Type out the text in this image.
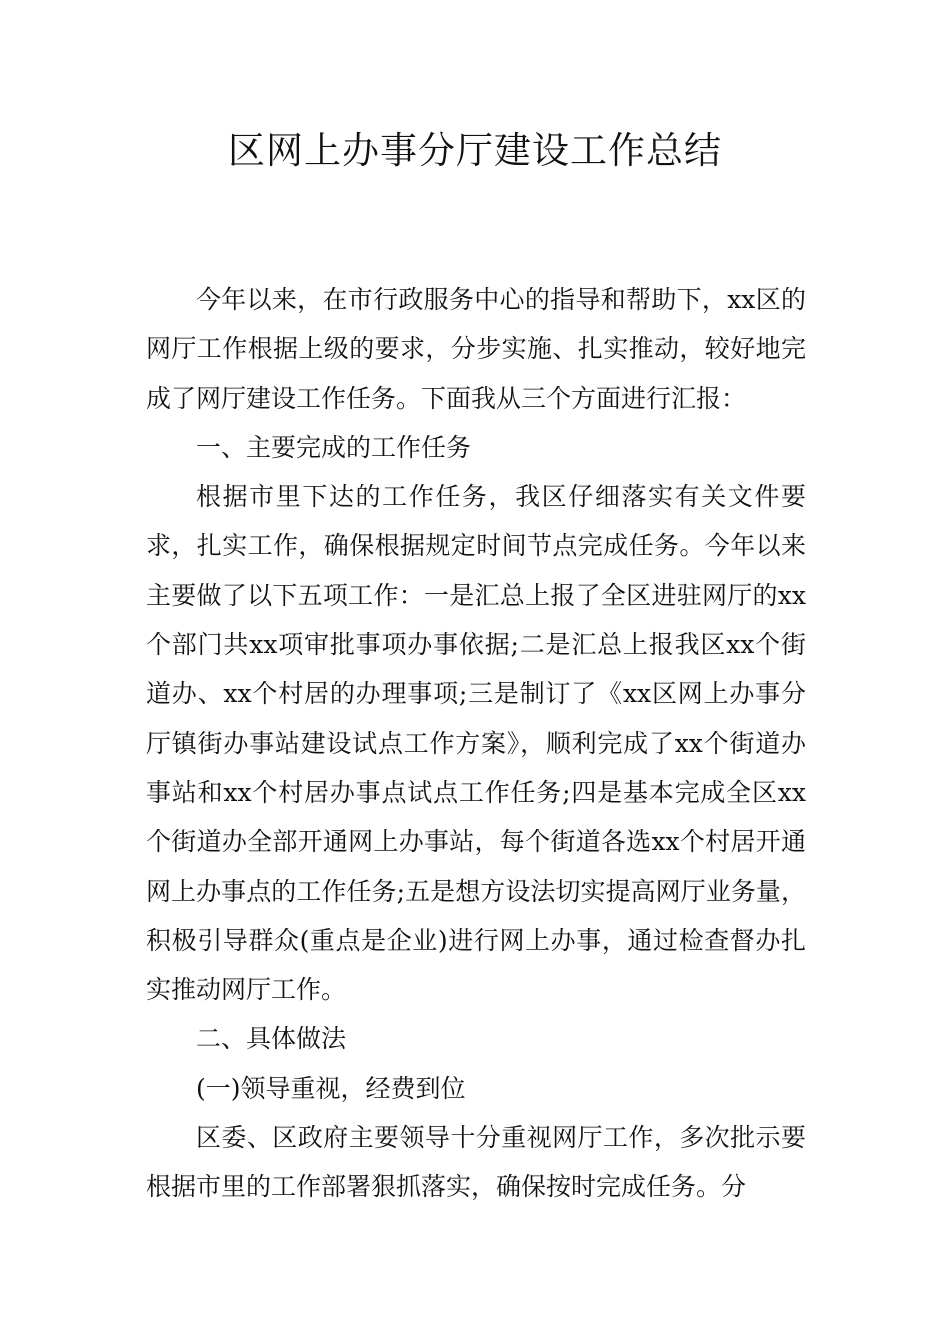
区网上办事分厅建设工作总结

今年以来，在市行政服务中心的指导和帮助下，xx区的网厅工作根据上级的要求，分步实施、扎实推动，较好地完成了网厅建设工作任务。下面我从三个方面进行汇报：

一、主要完成的工作任务

根据市里下达的工作任务，我区仔细落实有关文件要求，扎实工作，确保根据规定时间节点完成任务。今年以来主要做了以下五项工作：一是汇总上报了全区进驻网厅的xx个部门共xx项审批事项办事依据;二是汇总上报我区xx个街道办、xx个村居的办理事项;三是制订了《xx区网上办事分厅镇街办事站建设试点工作方案》，顺利完成了xx个街道办事站和xx个村居办事点试点工作任务;四是基本完成全区xx个街道办全部开通网上办事站，每个街道各选xx个村居开通网上办事点的工作任务;五是想方设法切实提高网厅业务量，积极引导群众(重点是企业)进行网上办事，通过检查督办扎实推动网厅工作。

二、具体做法

(一)领导重视，经费到位

区委、区政府主要领导十分重视网厅工作，多次批示要根据市里的工作部署狠抓落实，确保按时完成任务。分
